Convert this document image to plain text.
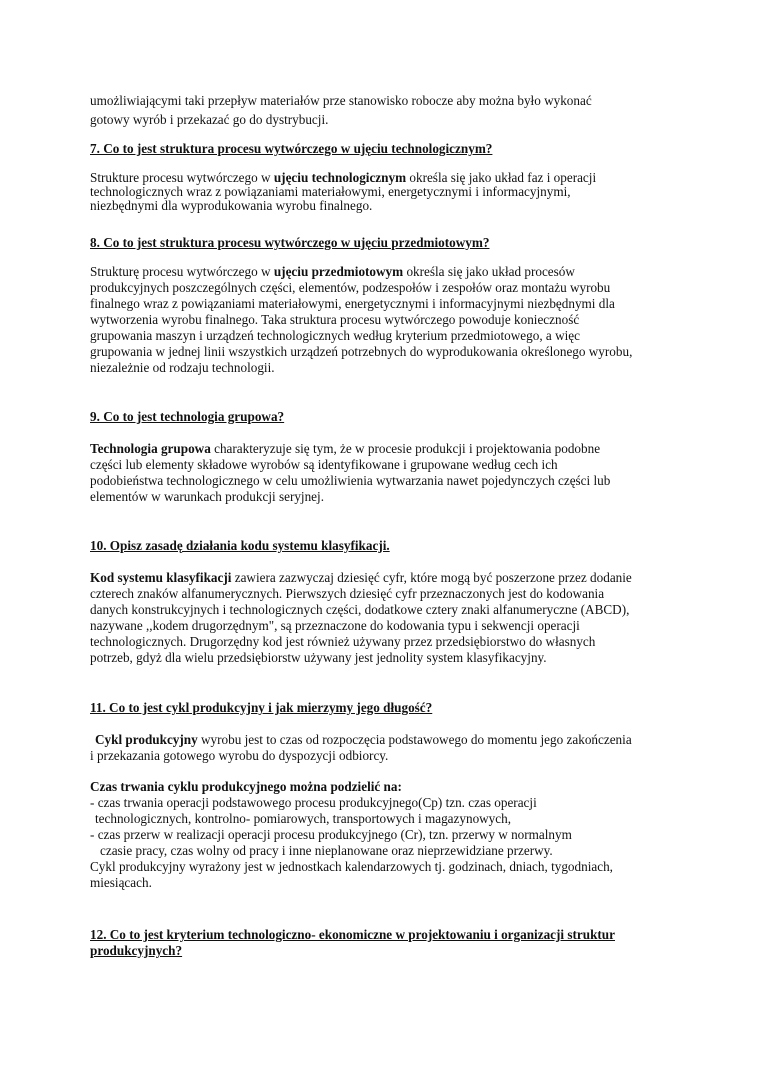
umożliwiającymi taki przepływ materiałów prze stanowisko robocze aby można było wykonać
gotowy wyrób i przekazać go do dystrybucji.

7. Co to jest struktura procesu wytwórczego w ujęciu technologicznym?

Strukture procesu wytwórczego w ujęciu technologicznym określa się jako układ faz i operacji
technologicznych wraz z powiązaniami materiałowymi, energetycznymi i informacyjnymi,
niezbędnymi dla wyprodukowania wyrobu finalnego.

8. Co to jest struktura procesu wytwórczego w ujęciu przedmiotowym?

Strukturę procesu wytwórczego w ujęciu przedmiotowym określa się jako układ procesów
produkcyjnych poszczególnych części, elementów, podzespołów i zespołów oraz montażu wyrobu
finalnego wraz z powiązaniami materiałowymi, energetycznymi i informacyjnymi niezbędnymi dla
wytworzenia wyrobu finalnego. Taka struktura procesu wytwórczego powoduje konieczność
grupowania maszyn i urządzeń technologicznych według kryterium przedmiotowego, a więc
grupowania w jednej linii wszystkich urządzeń potrzebnych do wyprodukowania określonego wyrobu,
niezależnie od rodzaju technologii.

9. Co to jest technologia grupowa?

Technologia grupowa charakteryzuje się tym, że w procesie produkcji i projektowania podobne
części lub elementy składowe wyrobów są identyfikowane i grupowane według cech ich
podobieństwa technologicznego w celu umożliwienia wytwarzania nawet pojedynczych części lub
elementów w warunkach produkcji seryjnej.

10. Opisz zasadę działania kodu systemu klasyfikacji.

Kod systemu klasyfikacji zawiera zazwyczaj dziesięć cyfr, które mogą być poszerzone przez dodanie
czterech znaków alfanumerycznych. Pierwszych dziesięć cyfr przeznaczonych jest do kodowania
danych konstrukcyjnych i technologicznych części, dodatkowe cztery znaki alfanumeryczne (ABCD),
nazywane ,,kodem drugorzędnym", są przeznaczone do kodowania typu i sekwencji operacji
technologicznych. Drugorzędny kod jest również używany przez przedsiębiorstwo do własnych
potrzeb, gdyż dla wielu przedsiębiorstw używany jest jednolity system klasyfikacyjny.

11. Co to jest cykl produkcyjny i jak mierzymy jego długość?

Cykl produkcyjny wyrobu jest to czas od rozpoczęcia podstawowego do momentu jego zakończenia
i przekazania gotowego wyrobu do dyspozycji odbiorcy.

Czas trwania cyklu produkcyjnego można podzielić na:
- czas trwania operacji podstawowego procesu produkcyjnego(Cp) tzn. czas operacji
technologicznych, kontrolno- pomiarowych, transportowych i magazynowych,
- czas przerw w realizacji operacji procesu produkcyjnego (Cr), tzn. przerwy w normalnym
czasie pracy, czas wolny od pracy i inne nieplanowane oraz nieprzewidziane przerwy.
Cykl produkcyjny wyrażony jest w jednostkach kalendarzowych tj. godzinach, dniach, tygodniach,
miesiącach.

12. Co to jest kryterium technologiczno- ekonomiczne w projektowaniu i organizacji struktur
produkcyjnych?
